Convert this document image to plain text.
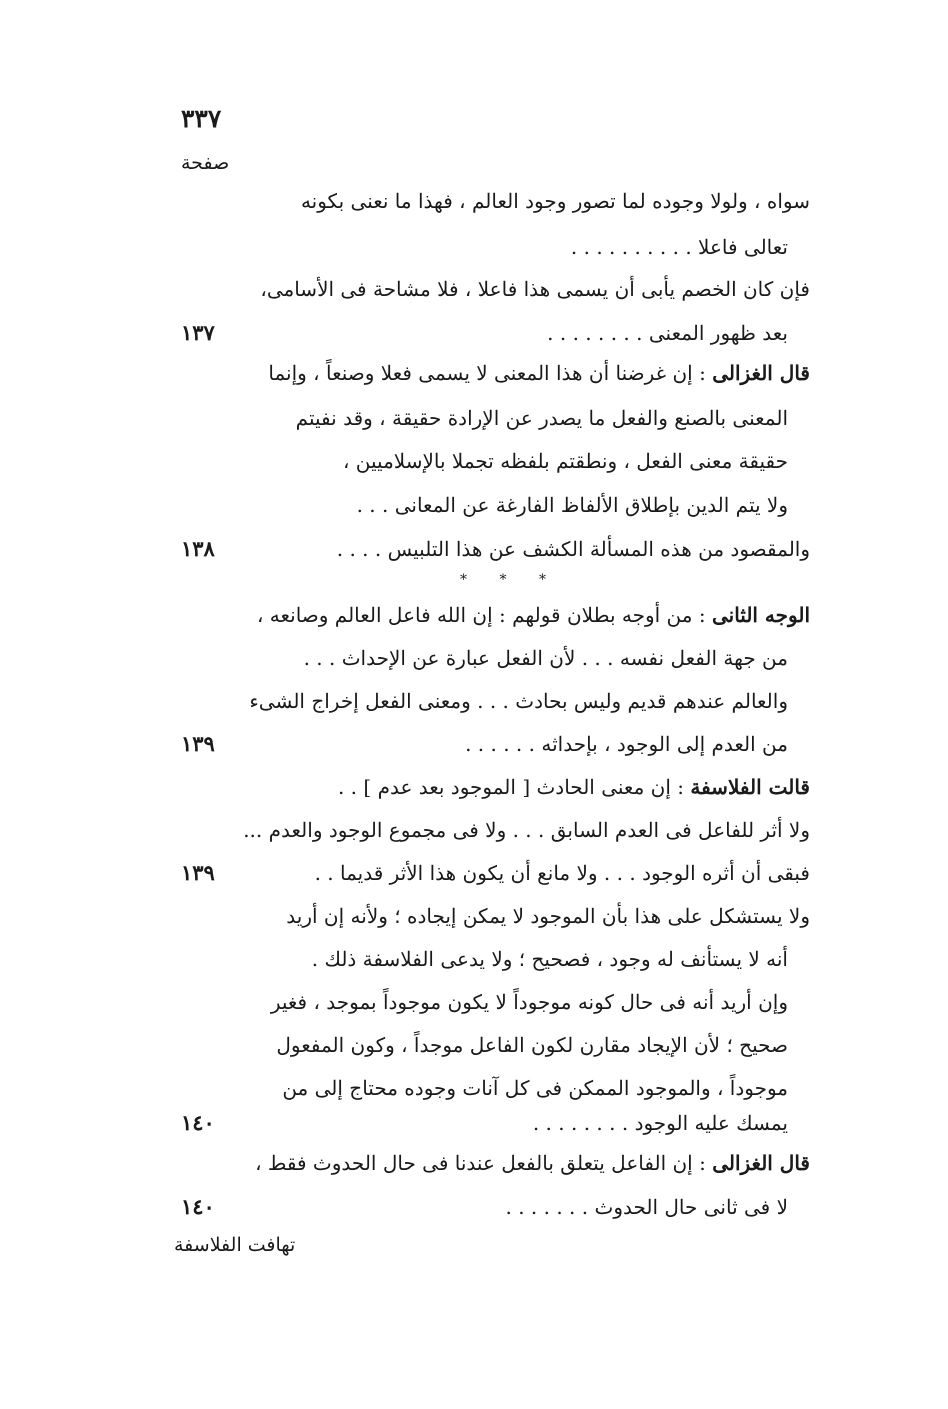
٣٣٧
صفحة
سواه ، ولولا وجوده لما تصور وجود العالم ، فهذا ما نعنى بكونه
تعالى فاعلا . . . . . . . . . .
فإن كان الخصم يأبى أن يسمى هذا فاعلا ، فلا مشاحة فى الأسامى،
بعد ظهور المعنى . . . . . . . .
١٣٧
قال الغزالى : إن غرضنا أن هذا المعنى لا يسمى فعلا وصنعاً ، وإنما
المعنى بالصنع والفعل ما يصدر عن الإرادة حقيقة ، وقد نفيتم
حقيقة معنى الفعل ، ونطقتم بلفظه تجملا بالإسلاميين ،
ولا يتم الدين بإطلاق الألفاظ الفارغة عن المعانى . . .
والمقصود من هذه المسألة الكشف عن هذا التلبيس . . . .
١٣٨
* * *
الوجه الثانى : من أوجه بطلان قولهم : إن الله فاعل العالم وصانعه ،
من جهة الفعل نفسه . . . لأن الفعل عبارة عن الإحداث . . .
والعالم عندهم قديم وليس بحادث . . . ومعنى الفعل إخراج الشىء
من العدم إلى الوجود ، بإحداثه . . . . . .
١٣٩
قالت الفلاسفة : إن معنى الحادث [ الموجود بعد عدم ] . .
ولا أثر للفاعل فى العدم السابق . . . ولا فى مجموع الوجود والعدم ...
فبقى أن أثره الوجود . . . ولا مانع أن يكون هذا الأثر قديما . .
١٣٩
ولا يستشكل على هذا بأن الموجود لا يمكن إيجاده ؛ ولأنه إن أريد
أنه لا يستأنف له وجود ، فصحيح ؛ ولا يدعى الفلاسفة ذلك .
وإن أريد أنه فى حال كونه موجوداً لا يكون موجوداً بموجد ، فغير
صحيح ؛ لأن الإيجاد مقارن لكون الفاعل موجداً ، وكون المفعول
موجوداً ، والموجود الممكن فى كل آنات وجوده محتاج إلى من
يمسك عليه الوجود . . . . . . . .
١٤٠
قال الغزالى : إن الفاعل يتعلق بالفعل عندنا فى حال الحدوث فقط ،
لا فى ثانى حال الحدوث . . . . . . .
١٤٠
تهافت الفلاسفة
